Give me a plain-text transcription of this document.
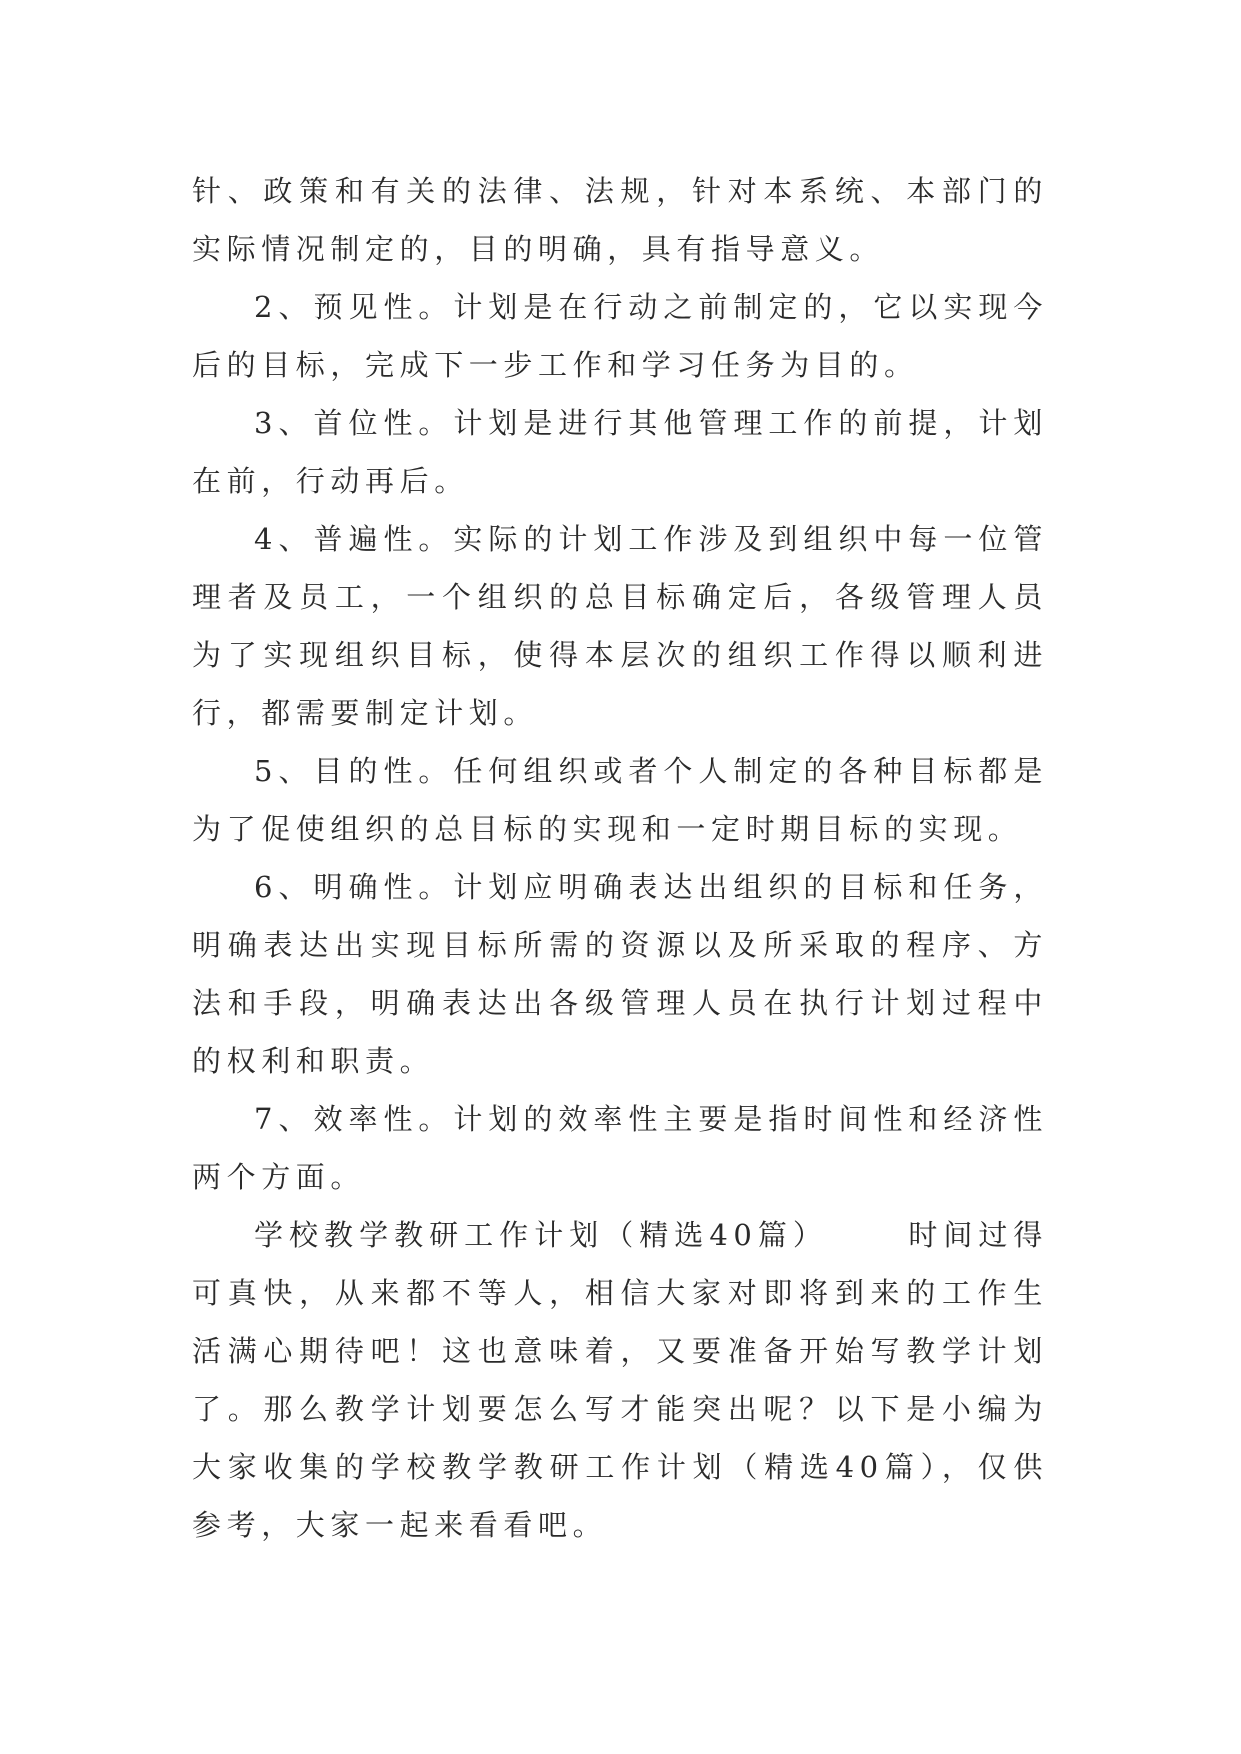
针、政策和有关的法律、法规，针对本系统、本部门的实际情况制定的，目的明确，具有指导意义。

2、预见性。计划是在行动之前制定的，它以实现今后的目标，完成下一步工作和学习任务为目的。

3、首位性。计划是进行其他管理工作的前提，计划在前，行动再后。

4、普遍性。实际的计划工作涉及到组织中每一位管理者及员工，一个组织的总目标确定后，各级管理人员为了实现组织目标，使得本层次的组织工作得以顺利进行，都需要制定计划。

5、目的性。任何组织或者个人制定的各种目标都是为了促使组织的总目标的实现和一定时期目标的实现。

6、明确性。计划应明确表达出组织的目标和任务，明确表达出实现目标所需的资源以及所采取的程序、方法和手段，明确表达出各级管理人员在执行计划过程中的权利和职责。

7、效率性。计划的效率性主要是指时间性和经济性两个方面。

学校教学教研工作计划（精选40篇）	时间过得可真快，从来都不等人，相信大家对即将到来的工作生活满心期待吧！这也意味着，又要准备开始写教学计划了。那么教学计划要怎么写才能突出呢？以下是小编为大家收集的学校教学教研工作计划（精选40篇），仅供参考，大家一起来看看吧。
